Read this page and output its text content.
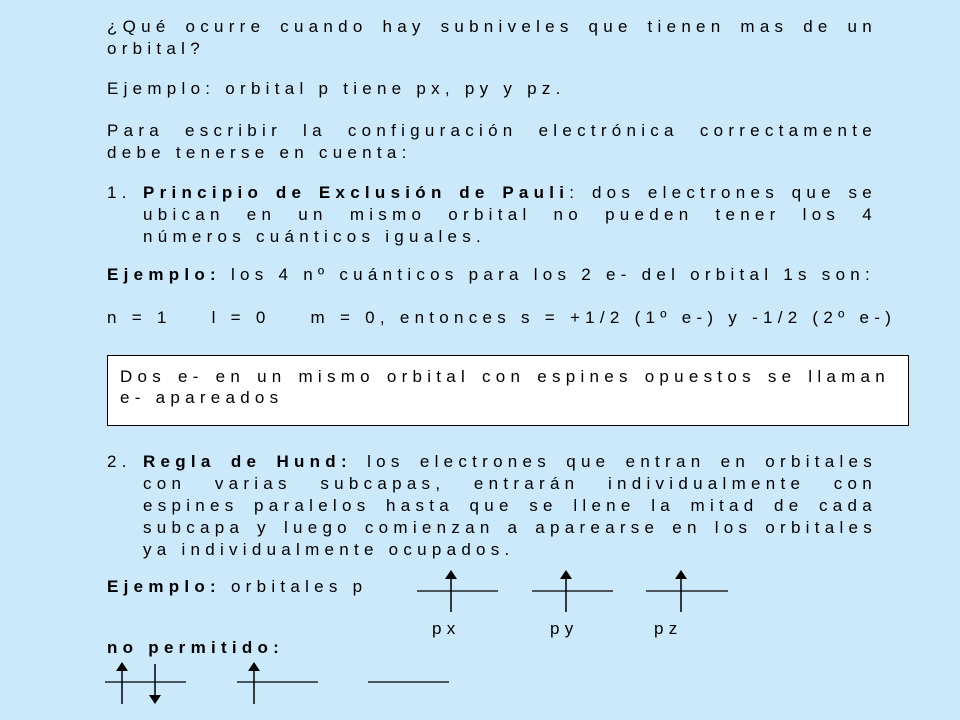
¿Qué ocurre cuando hay subniveles que tienen mas de un
orbital?
Ejemplo: orbital p tiene px, py y pz.
Para escribir la configuración electrónica correctamente
debe tenerse en cuenta:
1. Principio de Exclusión de Pauli: dos electrones que se
ubican en un mismo orbital no pueden tener los 4
números cuánticos iguales.
Ejemplo: los 4 nº cuánticos para los 2 e- del orbital 1s son:
n = 1    l = 0    m = 0, entonces s = +1/2 (1º e-) y -1/2 (2º e-)
Dos e- en un mismo orbital con espines opuestos se llaman
e- apareados
2. Regla de Hund: los electrones que entran en orbitales
con varias subcapas, entrarán individualmente con
espines paralelos hasta que se llene la mitad de cada
subcapa y luego comienzan a aparearse en los orbitales
ya individualmente ocupados.
Ejemplo: orbitales p
px	py	pz
no permitido:
